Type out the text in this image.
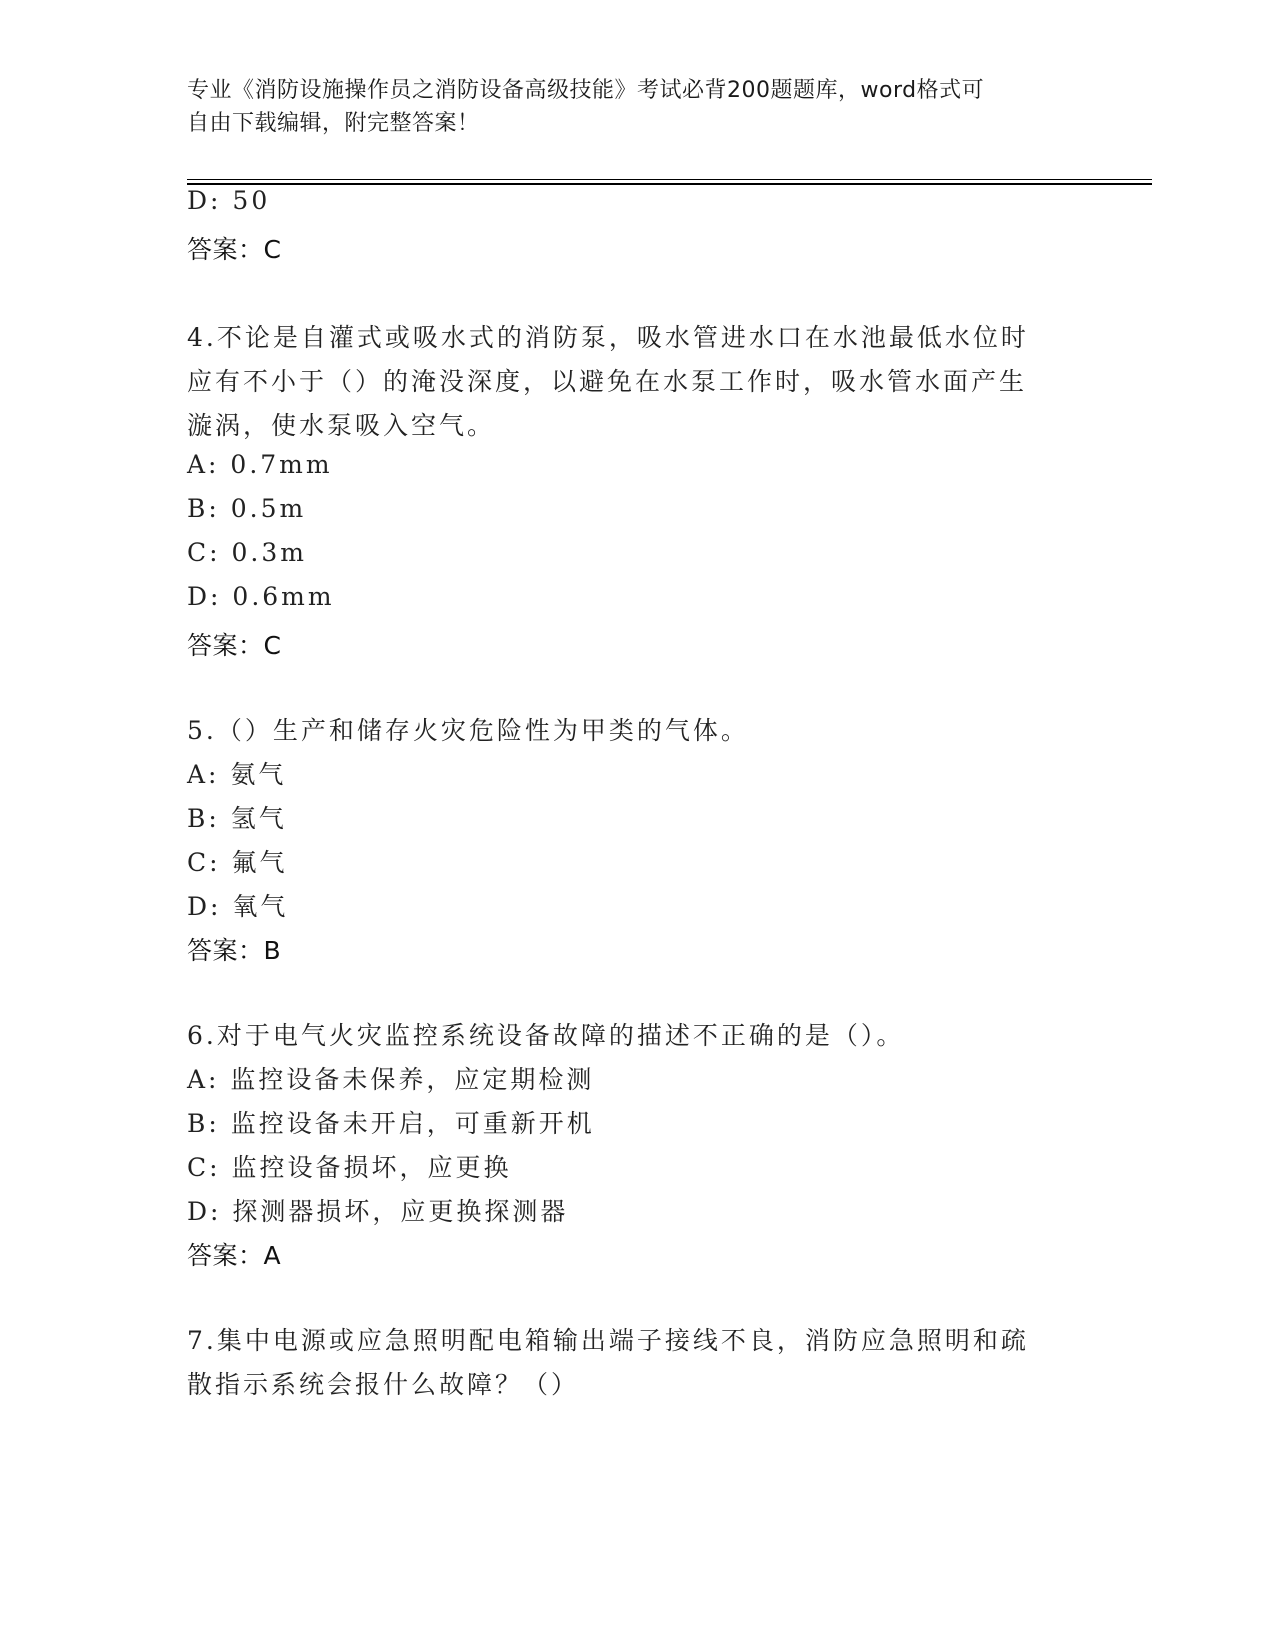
专业《消防设施操作员之消防设备高级技能》考试必背200题题库，word格式可
自由下载编辑，附完整答案！
D: 50
答案：C
4.不论是自灌式或吸水式的消防泵，吸水管进水口在水池最低水位时
应有不小于（）的淹没深度，以避免在水泵工作时，吸水管水面产生
漩涡，使水泵吸入空气。
A: 0.7mm
B: 0.5m
C: 0.3m
D: 0.6mm
答案：C
5.（）生产和储存火灾危险性为甲类的气体。
A: 氨气
B: 氢气
C: 氟气
D: 氧气
答案：B
6.对于电气火灾监控系统设备故障的描述不正确的是（）。
A: 监控设备未保养，应定期检测
B: 监控设备未开启，可重新开机
C: 监控设备损坏，应更换
D: 探测器损坏，应更换探测器
答案：A
7.集中电源或应急照明配电箱输出端子接线不良，消防应急照明和疏
散指示系统会报什么故障？（）
